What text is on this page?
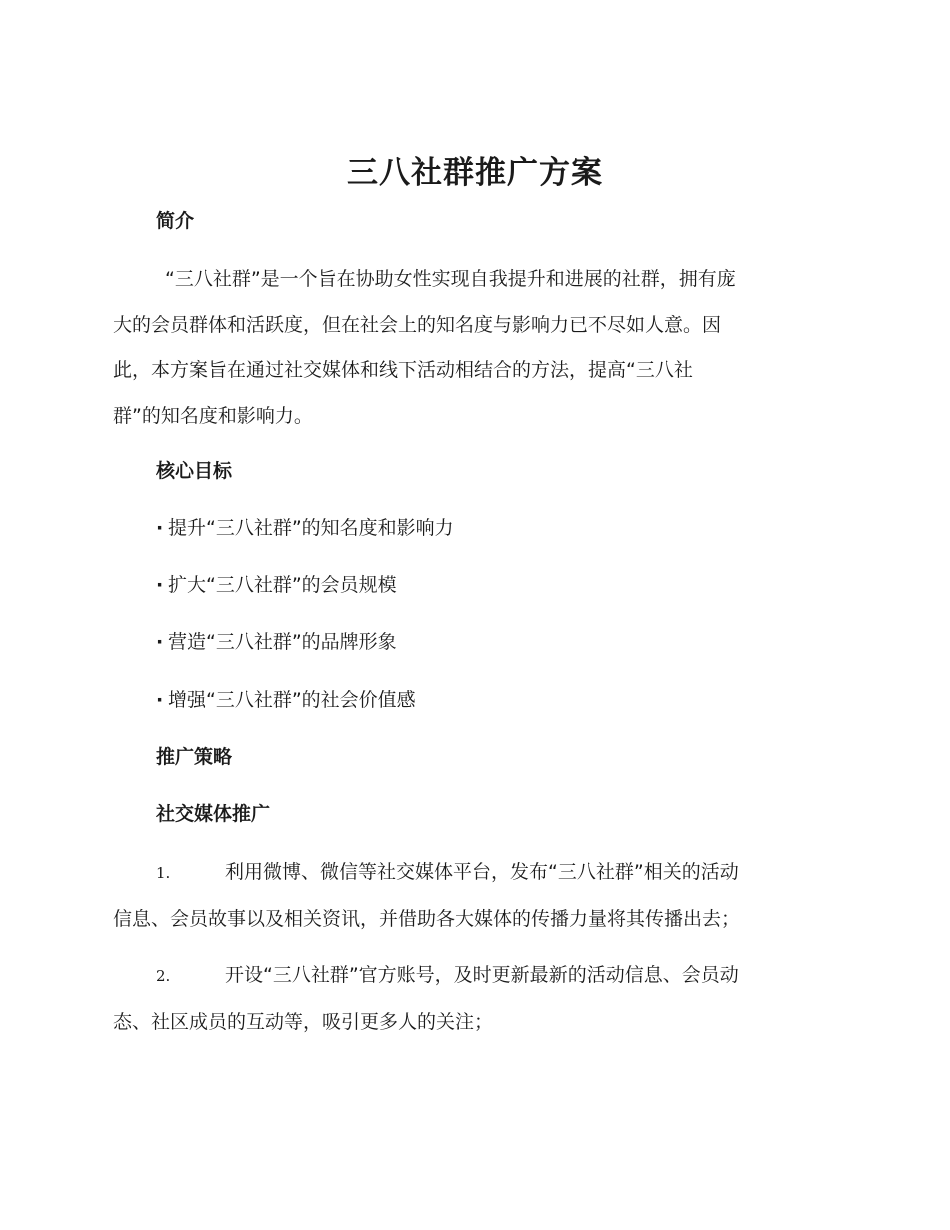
三八社群推广方案
简介
“三八社群”是一个旨在协助女性实现自我提升和进展的社群，拥有庞
大的会员群体和活跃度，但在社会上的知名度与影响力已不尽如人意。因
此，本方案旨在通过社交媒体和线下活动相结合的方法，提高“三八社
群”的知名度和影响力。
核心目标
· 提升“三八社群”的知名度和影响力
· 扩大“三八社群”的会员规模
· 营造“三八社群”的品牌形象
· 增强“三八社群”的社会价值感
推广策略
社交媒体推广
1.	利用微博、微信等社交媒体平台，发布“三八社群”相关的活动
信息、会员故事以及相关资讯，并借助各大媒体的传播力量将其传播出去；
2.	开设“三八社群”官方账号，及时更新最新的活动信息、会员动
态、社区成员的互动等，吸引更多人的关注；
